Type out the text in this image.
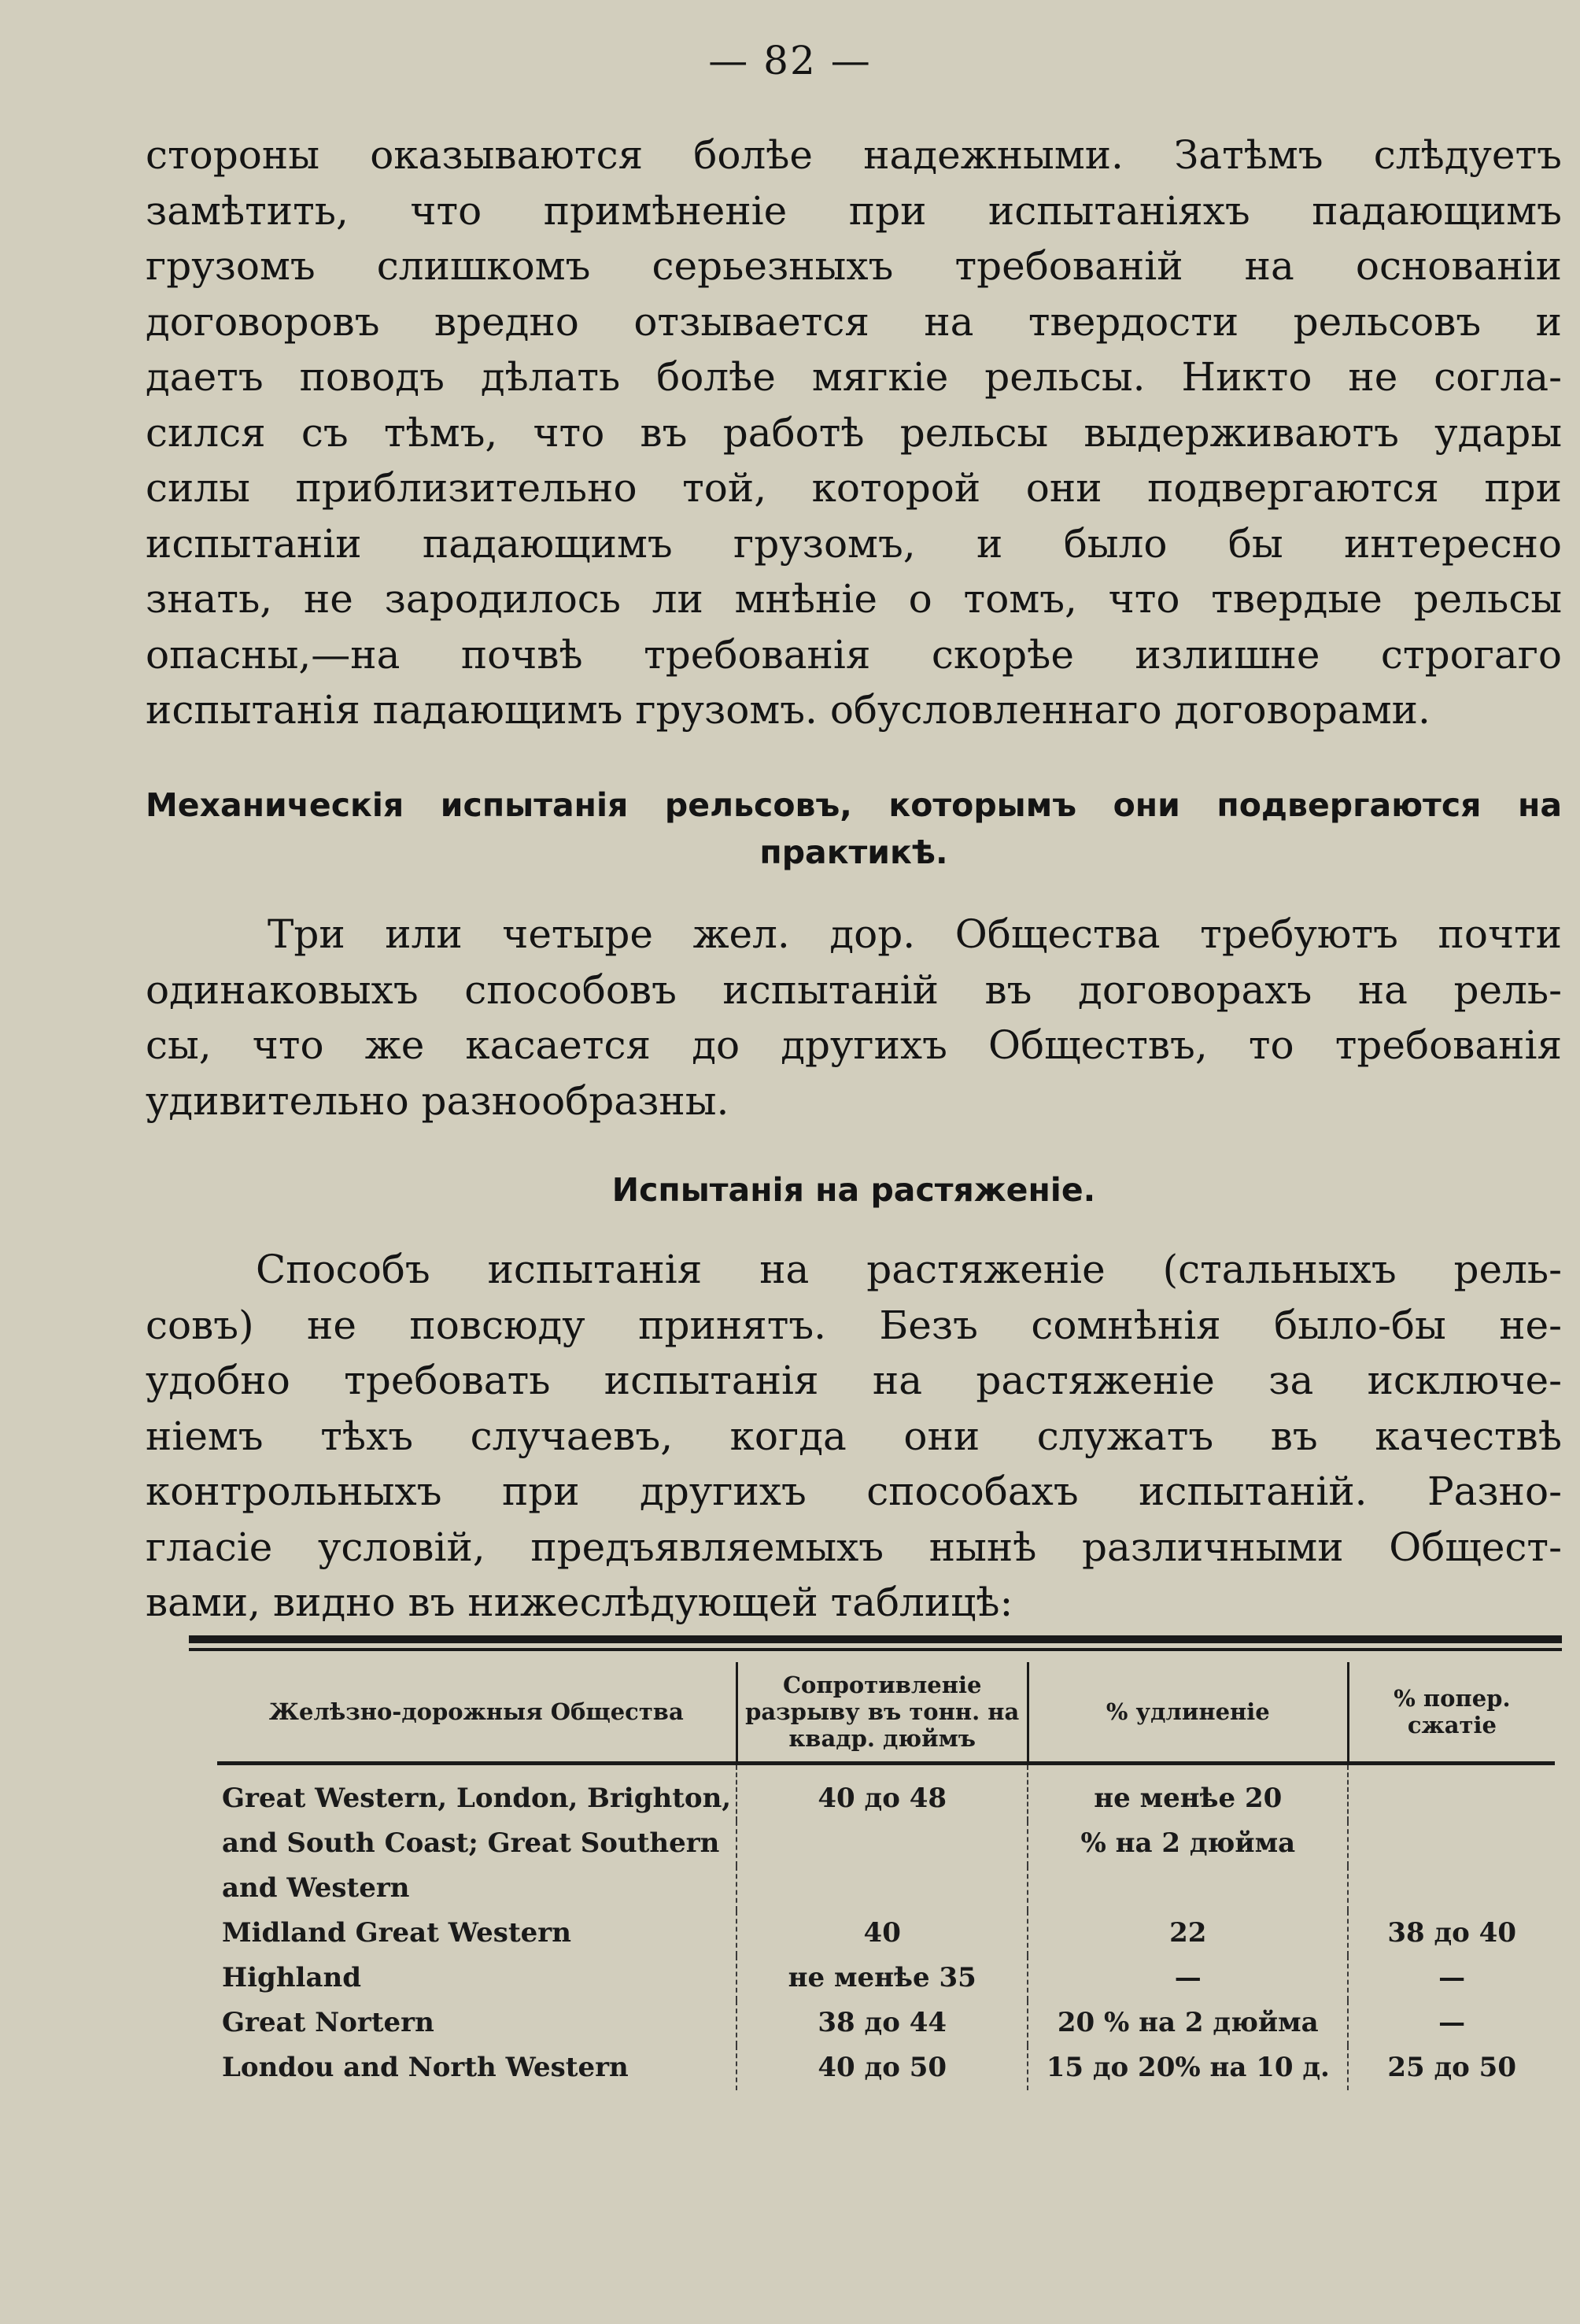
— 82 —
стороны оказываются болѣе надежными. Затѣмъ слѣдуетъ
замѣтить, что примѣненіе при испытаніяхъ падающимъ
грузомъ слишкомъ серьезныхъ требованій на основаніи
договоровъ вредно отзывается на твердости рельсовъ и
даетъ поводъ дѣлать болѣе мягкіе рельсы. Никто не согла-
сился съ тѣмъ, что въ работѣ рельсы выдерживаютъ удары
силы приблизительно той, которой они подвергаются при
испытаніи падающимъ грузомъ, и было бы интересно
знать, не зародилось ли мнѣніе о томъ, что твердые рельсы
опасны,—на почвѣ требованія скорѣе излишне строгаго
испытанія падающимъ грузомъ. обусловленнаго договорами.
Механическія испытанія рельсовъ, которымъ они подвергаются на
практикѣ.
Три или четыре жел. дор. Общества требуютъ почти
одинаковыхъ способовъ испытаній въ договорахъ на рель-
сы, что же касается до другихъ Обществъ, то требованія
удивительно разнообразны.
Испытанія на растяженіе.
Способъ испытанія на растяженіе (стальныхъ рель-
совъ) не повсюду принятъ. Безъ сомнѣнія было-бы не-
удобно требовать испытанія на растяженіе за исключе-
ніемъ тѣхъ случаевъ, когда они служатъ въ качествѣ
контрольныхъ при другихъ способахъ испытаній. Разно-
гласіе условій, предъявляемыхъ нынѣ различными Общест-
вами, видно въ нижеслѣдующей таблицѣ:
Желѣзно-дорожныя Общества	Сопротивленіе разрыву въ тонн. на квадр. дюймъ	% удлиненіе	% попер. сжатіе
Great Western, London, Brighton,	40 до 48	не менѣе 20	
and South Coast; Great Southern		% на 2 дюйма	
and Western			
Midland Great Western	40	22	38 до 40
Highland	не менѣе 35	—	—
Great Nortern	38 до 44	20 % на 2 дюйма	—
Londou and North Western	40 до 50	15 до 20% на 10 д.	25 до 50
